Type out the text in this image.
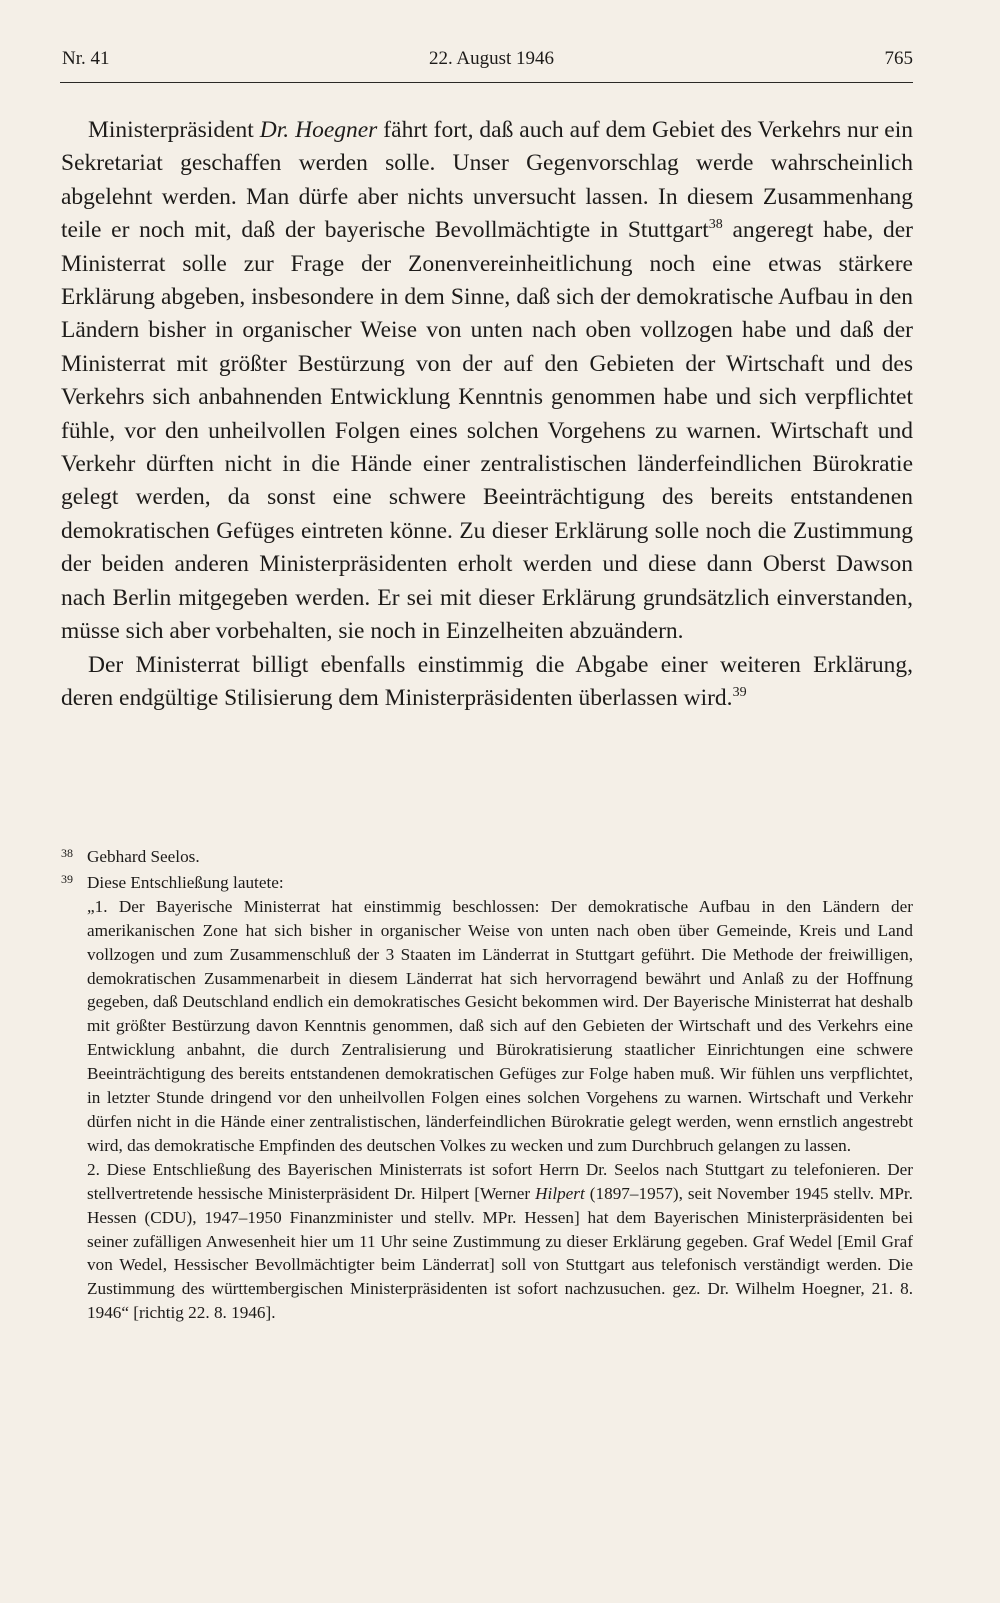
Nr. 41	22. August 1946	765

Ministerpräsident Dr. Hoegner fährt fort, daß auch auf dem Gebiet des Verkehrs nur ein Sekretariat geschaffen werden solle. Unser Gegenvorschlag werde wahrscheinlich abgelehnt werden. Man dürfe aber nichts unversucht lassen. In diesem Zusammenhang teile er noch mit, daß der bayerische Bevollmächtigte in Stuttgart$^{38}$ angeregt habe, der Ministerrat solle zur Frage der Zonenvereinheitlichung noch eine etwas stärkere Erklärung abgeben, insbesondere in dem Sinne, daß sich der demokratische Aufbau in den Ländern bisher in organischer Weise von unten nach oben vollzogen habe und daß der Ministerrat mit größter Bestürzung von der auf den Gebieten der Wirtschaft und des Verkehrs sich anbahnenden Entwicklung Kenntnis genommen habe und sich verpflichtet fühle, vor den unheilvollen Folgen eines solchen Vorgehens zu warnen. Wirtschaft und Verkehr dürften nicht in die Hände einer zentralistischen länderfeindlichen Bürokratie gelegt werden, da sonst eine schwere Beeinträchtigung des bereits entstandenen demokratischen Gefüges eintreten könne. Zu dieser Erklärung solle noch die Zustimmung der beiden anderen Ministerpräsidenten erholt werden und diese dann Oberst Dawson nach Berlin mitgegeben werden. Er sei mit dieser Erklärung grundsätzlich einverstanden, müsse sich aber vorbehalten, sie noch in Einzelheiten abzuändern.

Der Ministerrat billigt ebenfalls einstimmig die Abgabe einer weiteren Erklärung, deren endgültige Stilisierung dem Ministerpräsidenten überlassen wird.$^{39}$

38 Gebhard Seelos.
39 Diese Entschließung lautete:

„1. Der Bayerische Ministerrat hat einstimmig beschlossen: Der demokratische Aufbau in den Ländern der amerikanischen Zone hat sich bisher in organischer Weise von unten nach oben über Gemeinde, Kreis und Land vollzogen und zum Zusammenschluß der 3 Staaten im Länderrat in Stuttgart geführt. Die Methode der freiwilligen, demokratischen Zusammenarbeit in diesem Länderrat hat sich hervorragend bewährt und Anlaß zu der Hoffnung gegeben, daß Deutschland endlich ein demokratisches Gesicht bekommen wird. Der Bayerische Ministerrat hat deshalb mit größter Bestürzung davon Kenntnis genommen, daß sich auf den Gebieten der Wirtschaft und des Verkehrs eine Entwicklung anbahnt, die durch Zentralisierung und Bürokratisierung staatlicher Einrichtungen eine schwere Beeinträchtigung des bereits entstandenen demokratischen Gefüges zur Folge haben muß. Wir fühlen uns verpflichtet, in letzter Stunde dringend vor den unheilvollen Folgen eines solchen Vorgehens zu warnen. Wirtschaft und Verkehr dürfen nicht in die Hände einer zentralistischen, länderfeindlichen Bürokratie gelegt werden, wenn ernstlich angestrebt wird, das demokratische Empfinden des deutschen Volkes zu wecken und zum Durchbruch gelangen zu lassen.

2. Diese Entschließung des Bayerischen Ministerrats ist sofort Herrn Dr. Seelos nach Stuttgart zu telefonieren. Der stellvertretende hessische Ministerpräsident Dr. Hilpert [Werner Hilpert (1897–1957), seit November 1945 stellv. MPr. Hessen (CDU), 1947–1950 Finanzminister und stellv. MPr. Hessen] hat dem Bayerischen Ministerpräsidenten bei seiner zufälligen Anwesenheit hier um 11 Uhr seine Zustimmung zu dieser Erklärung gegeben. Graf Wedel [Emil Graf von Wedel, Hessischer Bevollmächtigter beim Länderrat] soll von Stuttgart aus telefonisch verständigt werden. Die Zustimmung des württembergischen Ministerpräsidenten ist sofort nachzusuchen. gez. Dr. Wilhelm Hoegner, 21. 8. 1946“ [richtig 22. 8. 1946].
